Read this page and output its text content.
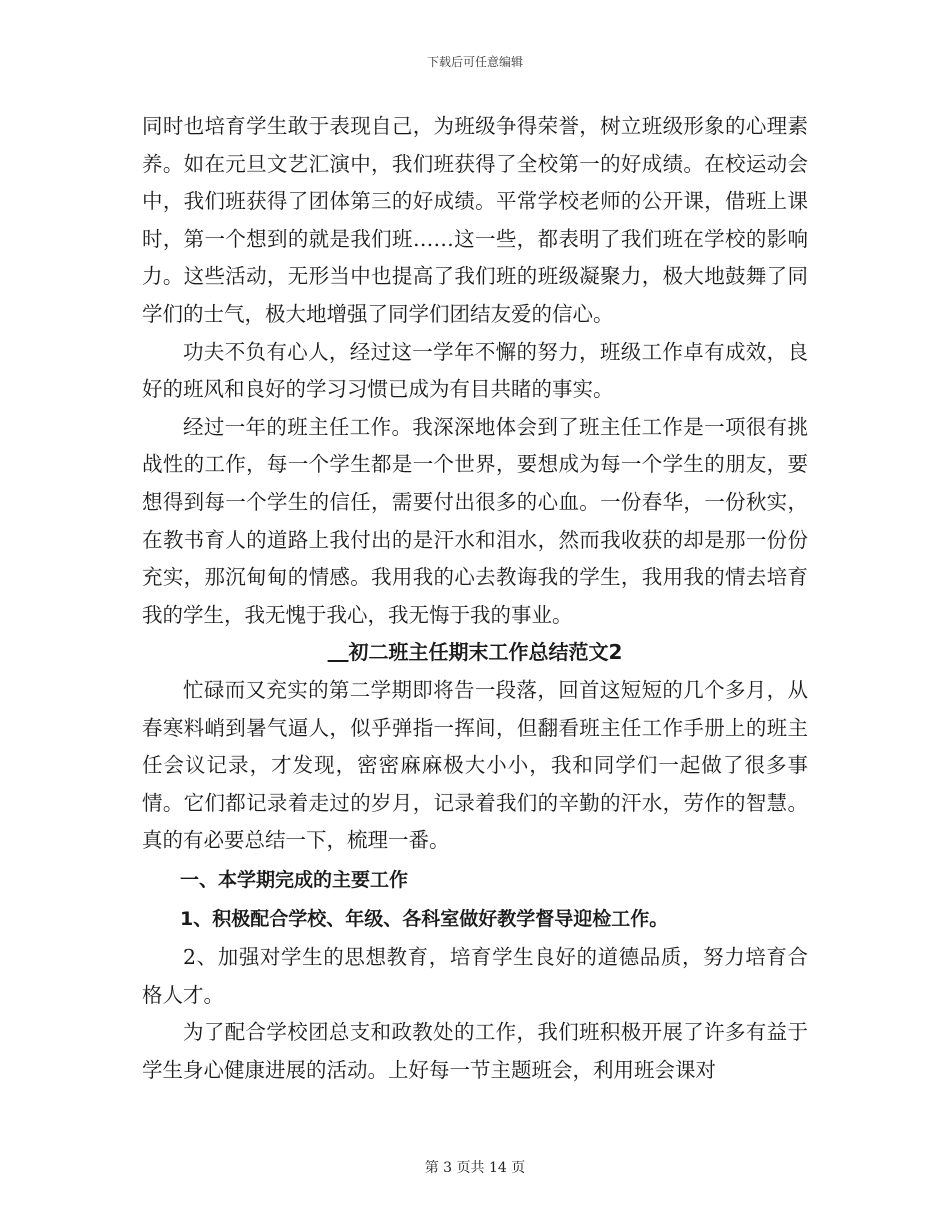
下载后可任意编辑

同时也培育学生敢于表现自己，为班级争得荣誉，树立班级形象的心理素养。如在元旦文艺汇演中，我们班获得了全校第一的好成绩。在校运动会中，我们班获得了团体第三的好成绩。平常学校老师的公开课，借班上课时，第一个想到的就是我们班……这一些，都表明了我们班在学校的影响力。这些活动，无形当中也提高了我们班的班级凝聚力，极大地鼓舞了同学们的士气，极大地增强了同学们团结友爱的信心。

功夫不负有心人，经过这一学年不懈的努力，班级工作卓有成效，良好的班风和良好的学习习惯已成为有目共睹的事实。

经过一年的班主任工作。我深深地体会到了班主任工作是一项很有挑战性的工作，每一个学生都是一个世界，要想成为每一个学生的朋友，要想得到每一个学生的信任，需要付出很多的心血。一份春华，一份秋实，在教书育人的道路上我付出的是汗水和泪水，然而我收获的却是那一份份充实，那沉甸甸的情感。我用我的心去教诲我的学生，我用我的情去培育我的学生，我无愧于我心，我无悔于我的事业。

初二班主任期末工作总结范文2

忙碌而又充实的第二学期即将告一段落，回首这短短的几个多月，从春寒料峭到暑气逼人，似乎弹指一挥间，但翻看班主任工作手册上的班主任会议记录，才发现，密密麻麻极大小小，我和同学们一起做了很多事情。它们都记录着走过的岁月，记录着我们的辛勤的汗水，劳作的智慧。真的有必要总结一下，梳理一番。

一、本学期完成的主要工作

1、积极配合学校、年级、各科室做好教学督导迎检工作。

2、加强对学生的思想教育，培育学生良好的道德品质，努力培育合格人才。

为了配合学校团总支和政教处的工作，我们班积极开展了许多有益于学生身心健康进展的活动。上好每一节主题班会，利用班会课对

第 3 页共 14 页
